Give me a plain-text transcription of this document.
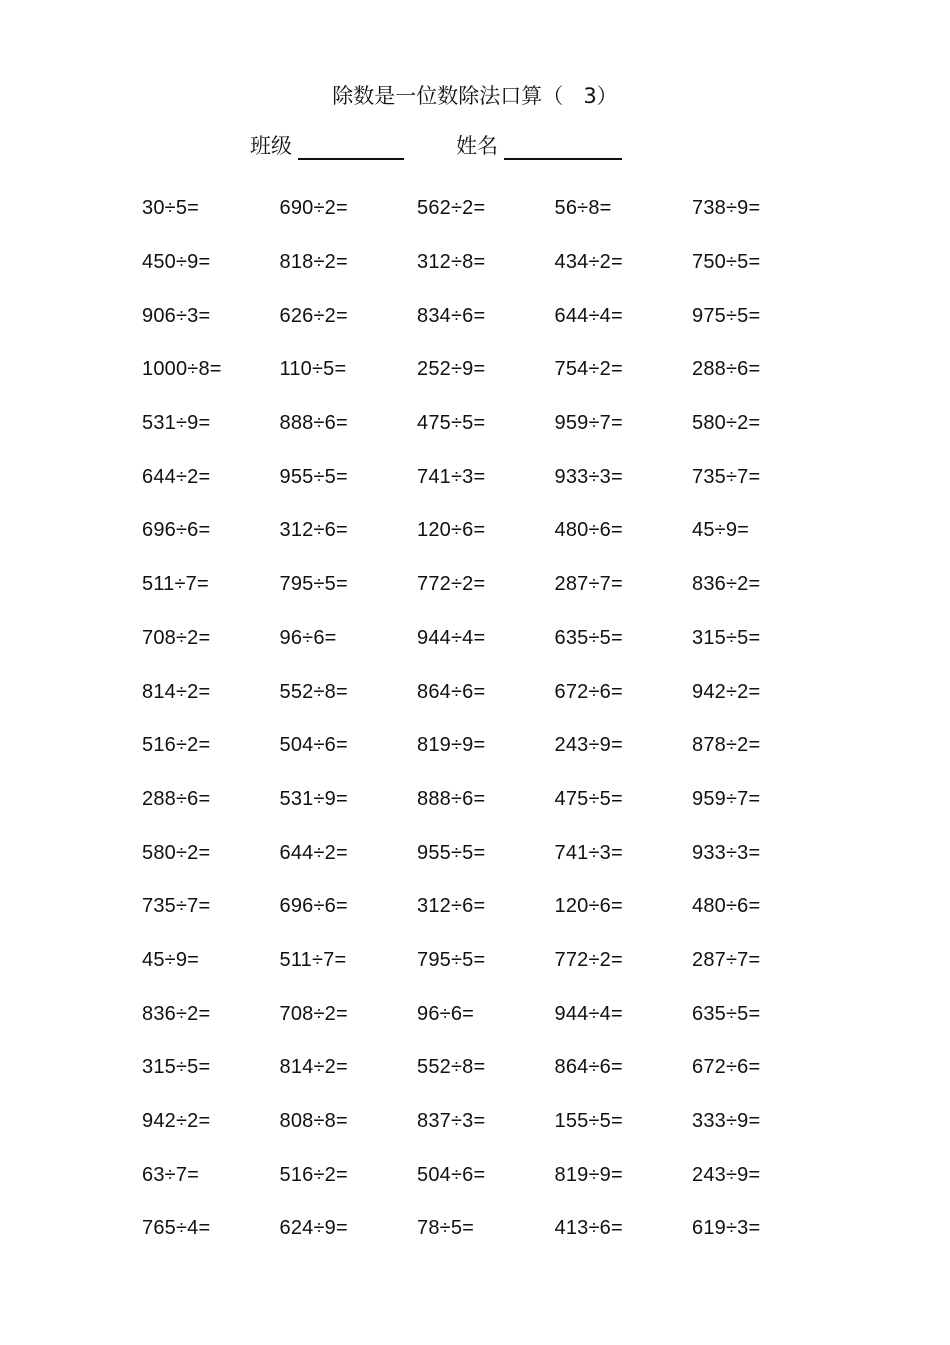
除数是一位数除法口算（   3）
班级	姓名
30÷5=	690÷2=	562÷2=	56÷8=	738÷9=
450÷9=	818÷2=	312÷8=	434÷2=	750÷5=
906÷3=	626÷2=	834÷6=	644÷4=	975÷5=
1000÷8=	110÷5=	252÷9=	754÷2=	288÷6=
531÷9=	888÷6=	475÷5=	959÷7=	580÷2=
644÷2=	955÷5=	741÷3=	933÷3=	735÷7=
696÷6=	312÷6=	120÷6=	480÷6=	45÷9=
511÷7=	795÷5=	772÷2=	287÷7=	836÷2=
708÷2=	96÷6=	944÷4=	635÷5=	315÷5=
814÷2=	552÷8=	864÷6=	672÷6=	942÷2=
516÷2=	504÷6=	819÷9=	243÷9=	878÷2=
288÷6=	531÷9=	888÷6=	475÷5=	959÷7=
580÷2=	644÷2=	955÷5=	741÷3=	933÷3=
735÷7=	696÷6=	312÷6=	120÷6=	480÷6=
45÷9=	511÷7=	795÷5=	772÷2=	287÷7=
836÷2=	708÷2=	96÷6=	944÷4=	635÷5=
315÷5=	814÷2=	552÷8=	864÷6=	672÷6=
942÷2=	808÷8=	837÷3=	155÷5=	333÷9=
63÷7=	516÷2=	504÷6=	819÷9=	243÷9=
765÷4=	624÷9=	78÷5=	413÷6=	619÷3=
